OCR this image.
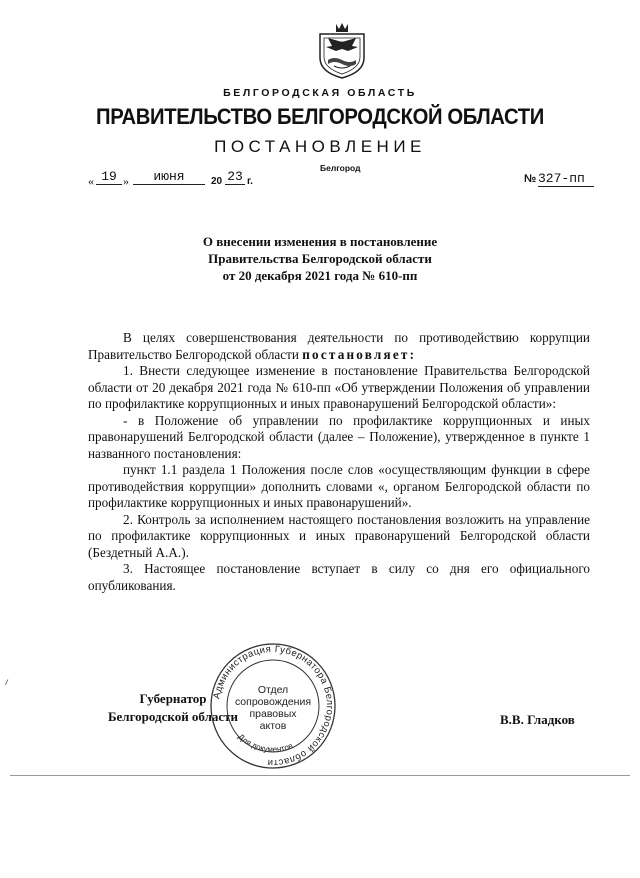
БЕЛГОРОДСКАЯ ОБЛАСТЬ
ПРАВИТЕЛЬСТВО БЕЛГОРОДСКОЙ ОБЛАСТИ
ПОСТАНОВЛЕНИЕ
Белгород
« 19 »	июня	20 23 г.	№ 327-пп
О внесении изменения в постановление
Правительства Белгородской области
от 20 декабря 2021 года № 610-пп

В целях совершенствования деятельности по противодействию коррупции Правительство Белгородской области постановляет:

1. Внести следующее изменение в постановление Правительства Белгородской области от 20 декабря 2021 года № 610-пп «Об утверждении Положения об управлении по профилактике коррупционных и иных правонарушений Белгородской области»:

- в Положение об управлении по профилактике коррупционных и иных правонарушений Белгородской области (далее – Положение), утвержденное в пункте 1 названного постановления:

пункт 1.1 раздела 1 Положения после слов «осуществляющим функции в сфере противодействия коррупции» дополнить словами «, органом Белгородской области по профилактике коррупционных и иных правонарушений».

2. Контроль за исполнением настоящего постановления возложить на управление по профилактике коррупционных и иных правонарушений Белгородской области (Бездетный А.А.).

3. Настоящее постановление вступает в силу со дня его официального опубликования.

Губернатор
Белгородской области	В.В. Гладков
Администрация Губернатора Белгородской области
Для документов
Отдел
сопровождения
правовых
актов
